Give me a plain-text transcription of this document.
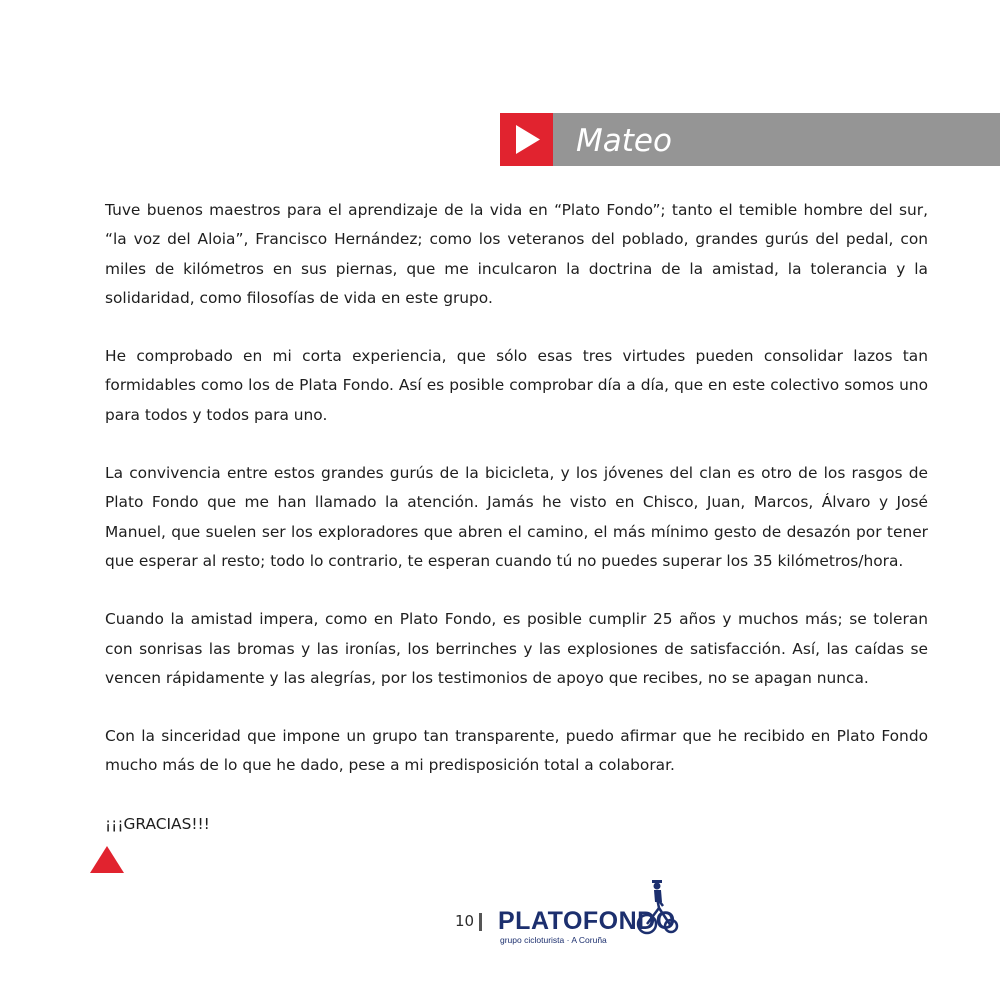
Mateo

Tuve buenos maestros para el aprendizaje de la vida en “Plato Fondo”; tanto el temible hombre del sur, “la voz del Aloia”, Francisco Hernández; como los veteranos del poblado, grandes gurús del pedal, con miles de kilómetros en sus piernas, que me inculcaron la doctrina de la amistad, la tolerancia y la solidaridad, como filosofías de vida en este grupo.

He comprobado en mi corta experiencia, que sólo esas tres virtudes pueden consolidar lazos tan formidables como los de Plata Fondo. Así es posible comprobar día a día, que en este colectivo somos uno para todos y todos para uno.

La convivencia entre estos grandes gurús de la bicicleta, y los jóvenes del clan es otro de los rasgos de Plato Fondo que me han llamado la atención. Jamás he visto en Chisco, Juan, Marcos, Álvaro y José Manuel, que suelen ser los exploradores que abren el camino, el más mínimo gesto de desazón por tener que esperar al resto; todo lo contrario, te esperan cuando tú no puedes superar los 35 kilómetros/hora.

Cuando la amistad impera, como en Plato Fondo, es posible cumplir 25 años y muchos más; se toleran con sonrisas las bromas y las ironías, los berrinches y las explosiones de satisfacción. Así, las caídas se vencen rápidamente y las alegrías, por los testimonios de apoyo que recibes, no se apagan nunca.

Con la sinceridad que impone un grupo tan transparente, puedo afirmar que he recibido en Plato Fondo mucho más de lo que he dado, pese a mi predisposición total a colaborar.

¡¡¡GRACIAS!!!

10 PLATOFONDO
grupo cicloturista · A Coruña
